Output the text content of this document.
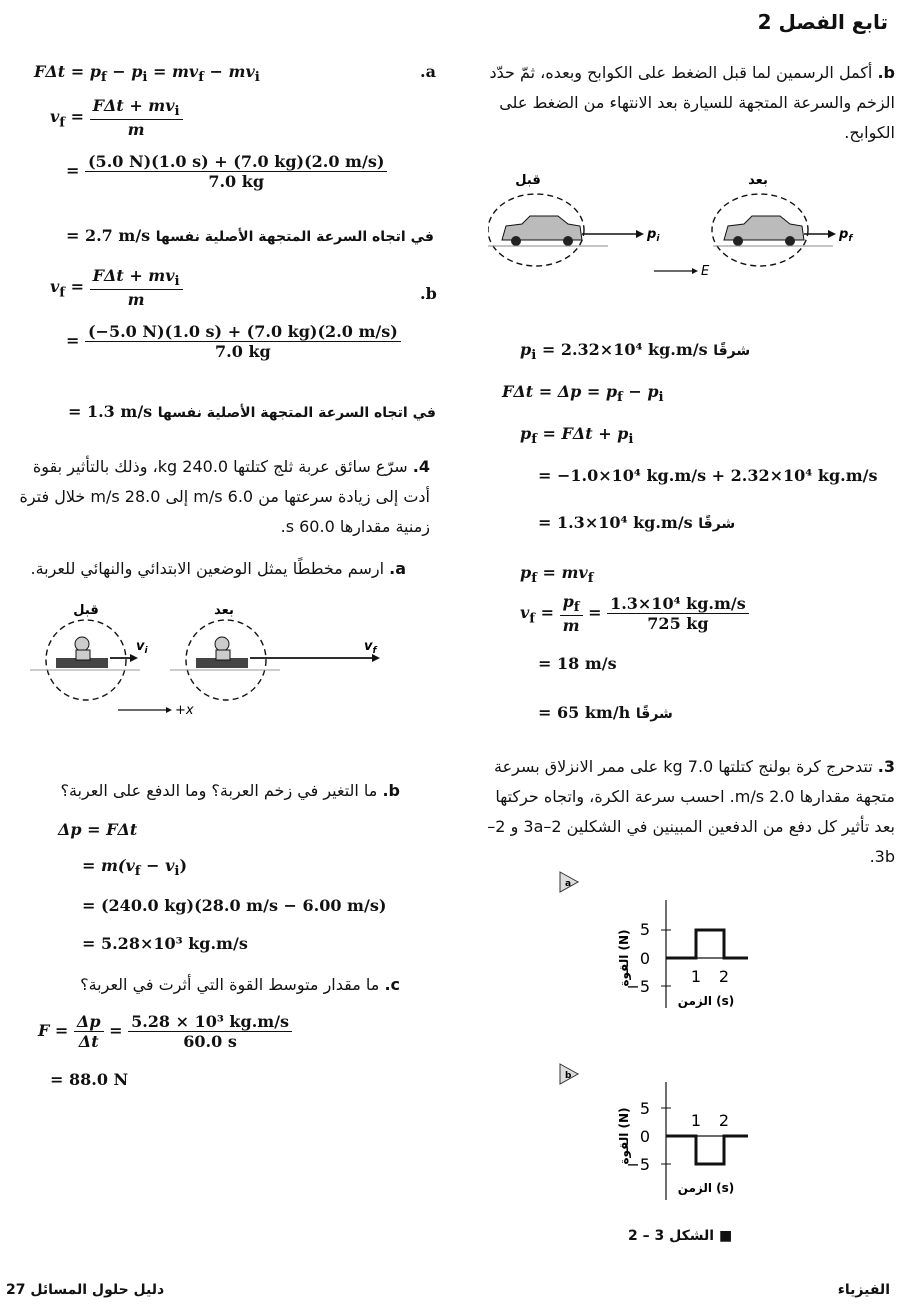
تابع الفصل 2
b. أكمل الرسمين لما قبل الضغط على الكوابح وبعده، ثمّ حدّد الزخم والسرعة المتجهة للسيارة بعد الانتهاء من الضغط على الكوابح.
قبل	بعد
$p_i$	$p_f$
E
$p_i = 2.32\times 10^4$ kg.m/s شرقًا
$F\Delta t = \Delta p = p_f - p_i$
$p_f = F\Delta t + p_i$
= −1.0×10⁴ kg.m/s + 2.32×10⁴ kg.m/s
= 1.3×10⁴ kg.m/s شرقًا
$p_f = mv_f$
$v_f = \frac{p_f}{m} = \frac{\text{1.3×10⁴ kg.m/s}}{725 kg}$
= 18 m/s
= 65 km/h شرقًا
3. تتدحرج كرة بولنج كتلتها 7.0 kg على ممر الانزلاق بسرعة متجهة مقدارها 2.0 m/s. احسب سرعة الكرة، واتجاه حركتها بعد تأثير كل دفع من الدفعين المبينين في الشكلين 2–3a و 2–3b.
a
5
0
−5
1 2
القوة (N)
الزمن (s)
b
5
0
−5
1 2
القوة (N)
الزمن (s)
■ الشكل 3 – 2
.a
$F\Delta t = p_f - p_i = mv_f - mv_i$
$v_f = \frac{F\Delta t + mv_i}{m}$
= $\frac{(5.0 N)(1.0 s) + (7.0 kg)(2.0 m/s)}{7.0 kg}$
= 2.7 m/s في اتجاه السرعة المتجهة الأصلية نفسها
.b
$v_f = \frac{F\Delta t + mv_i}{m}$
= $\frac{(-5.0 N)(1.0 s) + (7.0 kg)(2.0 m/s)}{7.0 kg}$
= 1.3 m/s في اتجاه السرعة المتجهة الأصلية نفسها
4. سرّع سائق عربة ثلج كتلتها 240.0 kg، وذلك بالتأثير بقوة أدت إلى زيادة سرعتها من 6.0 m/s إلى 28.0 m/s خلال فترة زمنية مقدارها 60.0 s.
a. ارسم مخططًا يمثل الوضعين الابتدائي والنهائي للعربة.
قبل	بعد
$v_i$	$v_f$
+x
b. ما التغير في زخم العربة؟ وما الدفع على العربة؟
Δp = FΔt
= $m(v_f - v_i)$
= (240.0 kg)(28.0 m/s − 6.00 m/s)
= 5.28×10³ kg.m/s
c. ما مقدار متوسط القوة التي أثرت في العربة؟
$F = \frac{\Delta p}{\Delta t} = \frac{\text{5.28 × 10³ kg.m/s}}{60.0 s}$
= 88.0 N
دليل حلول المسائل 27	الفيزياء
